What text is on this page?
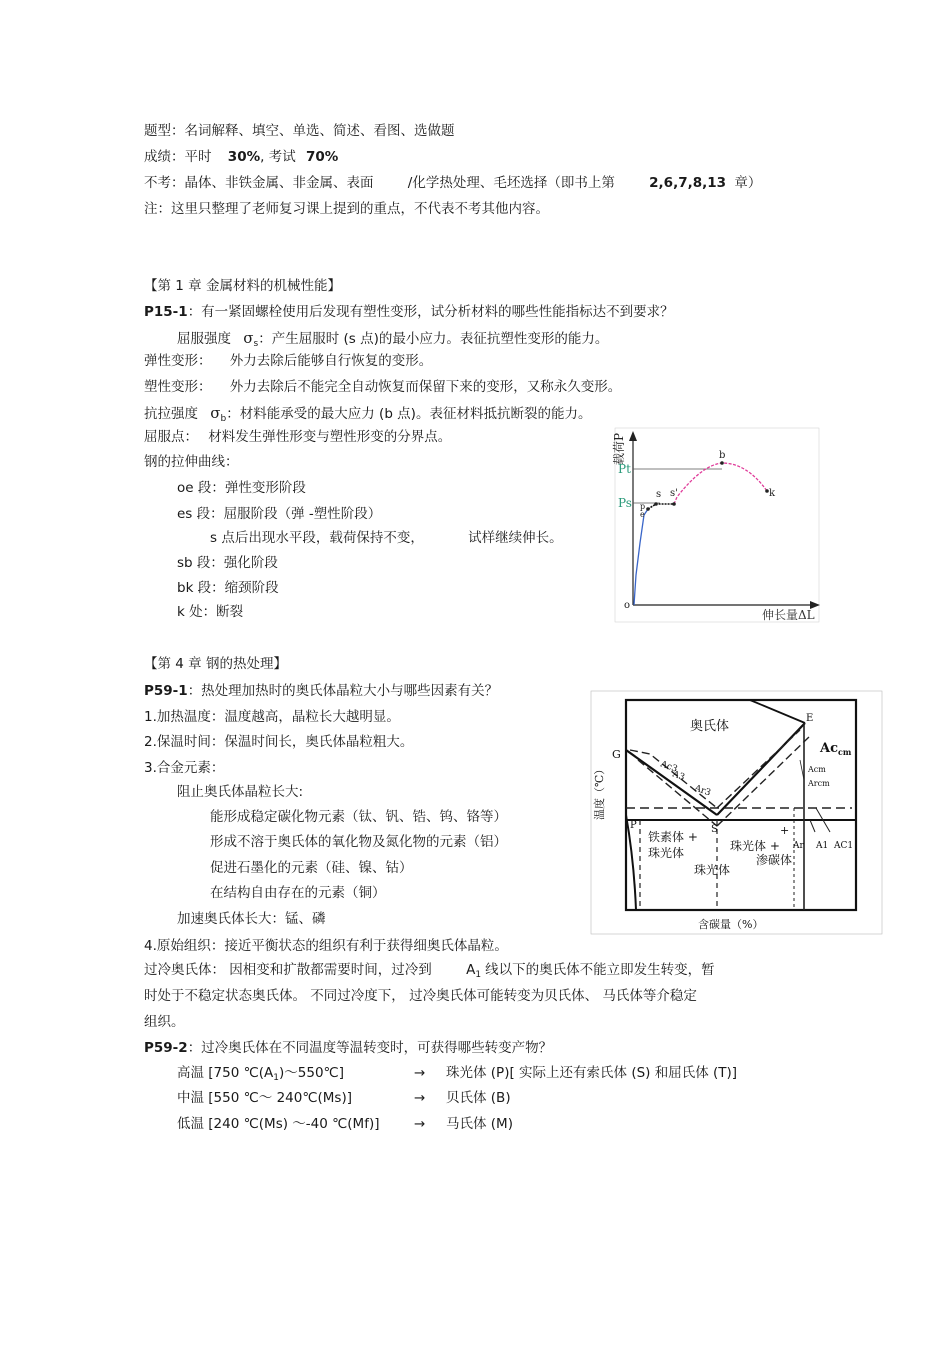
题型：名词解释、填空、单选、简述、看图、选做题
成绩：平时 30%, 考试 70%
不考：晶体、非铁金属、非金属、表面	/化学热处理、毛坯选择（即书上第	2,6,7,8,13 章）
注：这里只整理了老师复习课上提到的重点，不代表不考其他内容。
【第 1 章 金属材料的机械性能】
P15-1：有一紧固螺栓使用后发现有塑性变形，试分析材料的哪些性能指标达不到要求？
屈服强度 $\sigma_s$：产生屈服时 (s 点)的最小应力。表征抗塑性变形的能力。
弹性变形： 外力去除后能够自行恢复的变形。
塑性变形： 外力去除后不能完全自动恢复而保留下来的变形，又称永久变形。
抗拉强度 $\sigma_b$：材料能承受的最大应力 (b 点)。表征材料抵抗断裂的能力。
屈服点： 材料发生弹性形变与塑性形变的分界点。
钢的拉伸曲线：
oe 段：弹性变形阶段
es 段：屈服阶段（弹 -塑性阶段）
s 点后出现水平段，载荷保持不变，	试样继续伸长。
sb 段：强化阶段
bk 段：缩颈阶段
k 处：断裂
载荷P
伸长量ΔL
Pt
Ps
o
e
p
s s'
b
k
【第 4 章 钢的热处理】
P59-1：热处理加热时的奥氏体晶粒大小与哪些因素有关？
1.加热温度：温度越高，晶粒长大越明显。
2.保温时间：保温时间长，奥氏体晶粒粗大。
3.合金元素：
阻止奥氏体晶粒长大:
能形成稳定碳化物元素（钛、钒、锆、钨、铬等）
形成不溶于奥氏体的氧化物及氮化物的元素（铝）
促进石墨化的元素（硅、镍、钴）
在结构自由存在的元素（铜）
加速奥氏体长大：锰、磷
4.原始组织：接近平衡状态的组织有利于获得细奥氏体晶粒。
过冷奥氏体： 因相变和扩散都需要时间，过冷到	$A_1$ 线以下的奥氏体不能立即发生转变，暂
时处于不稳定状态奥氏体。 不同过冷度下， 过冷奥氏体可能转变为贝氏体、 马氏体等介稳定
组织。
P59-2：过冷奥氏体在不同温度等温转变时，可获得哪些转变产物？
高温 [750 $℃(A_1)\sim 550℃$]	→ 珠光体 (P)[ 实际上还有索氏体 (S) 和屈氏体 (T)]
中温 [550 ℃～ 240℃(Ms)]	→ 贝氏体 (B)
低温 [240 ℃(Ms) ～-40 ℃(Mf)]	→ 马氏体 (M)
奥氏体
E
G	$Ac_{cm}$
Acm
Arcm
Ac3
A3
Ar3
S
P
温度（℃）
铁素体 +
珠光体	珠光体 +
渗碳体
珠光体
+
Ar A1 AC1
含碳量（%）
